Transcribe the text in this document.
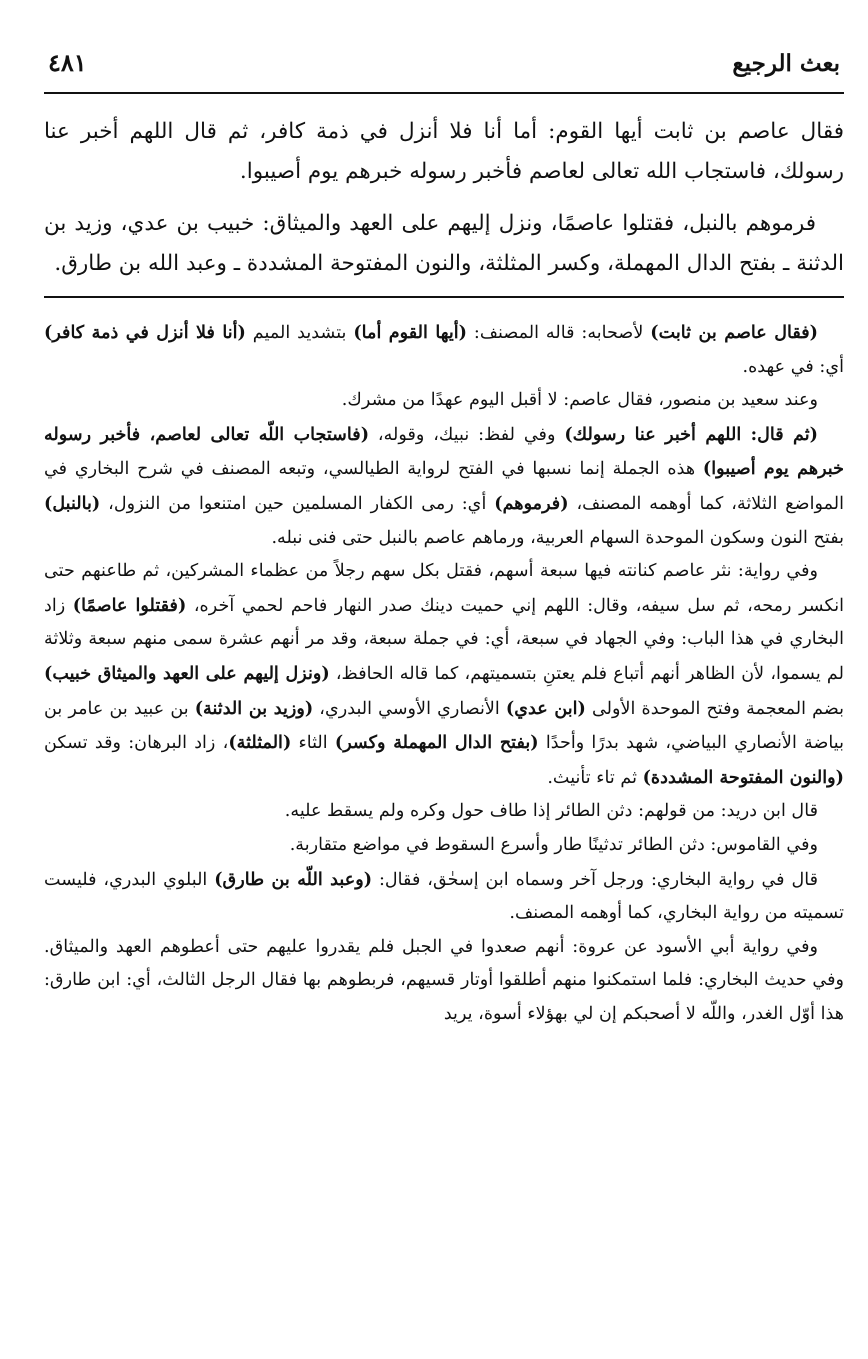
بعث الرجيع
٤٨١

فقال عاصم بن ثابت أيها القوم: أما أنا فلا أنزل في ذمة كافر، ثم قال اللهم أخبر عنا رسولك، فاستجاب الله تعالى لعاصم فأخبر رسوله خبرهم يوم أصيبوا.

فرموهم بالنبل، فقتلوا عاصمًا، ونزل إليهم على العهد والميثاق: خبيب بن عدي، وزيد بن الدثنة ـ بفتح الدال المهملة، وكسر المثلثة، والنون المفتوحة المشددة ـ وعبد الله بن طارق.

(فقال عاصم بن ثابت) لأصحابه: قاله المصنف: (أيها القوم أما) بتشديد الميم (أنا فلا أنزل في ذمة كافر) أي: في عهده.

وعند سعيد بن منصور، فقال عاصم: لا أقبل اليوم عهدًا من مشرك.

(ثم قال: اللهم أخبر عنا رسولك) وفي لفظ: نبيك، وقوله، (فاستجاب اللّه تعالى لعاصم، فأخبر رسوله خبرهم يوم أصيبوا) هذه الجملة إنما نسبها في الفتح لرواية الطيالسي، وتبعه المصنف في شرح البخاري في المواضع الثلاثة، كما أوهمه المصنف، (فرموهم) أي: رمى الكفار المسلمين حين امتنعوا من النزول، (بالنبل) بفتح النون وسكون الموحدة السهام العربية، ورماهم عاصم بالنبل حتى فنى نبله.

وفي رواية: نثر عاصم كنانته فيها سبعة أسهم، فقتل بكل سهم رجلاً من عظماء المشركين، ثم طاعنهم حتى انكسر رمحه، ثم سل سيفه، وقال: اللهم إني حميت دينك صدر النهار فاحم لحمي آخره، (فقتلوا عاصمًا) زاد البخاري في هذا الباب: وفي الجهاد في سبعة، أي: في جملة سبعة، وقد مر أنهم عشرة سمى منهم سبعة وثلاثة لم يسموا، لأن الظاهر أنهم أتباع فلم يعتنِ بتسميتهم، كما قاله الحافظ، (ونزل إليهم على العهد والميثاق خبيب) بضم المعجمة وفتح الموحدة الأولى (ابن عدي) الأنصاري الأوسي البدري، (وزيد بن الدثنة) بن عبيد بن عامر بن بياضة الأنصاري البياضي، شهد بدرًا وأحدًا (بفتح الدال المهملة وكسر) الثاء (المثلثة)، زاد البرهان: وقد تسكن (والنون المفتوحة المشددة) ثم تاء تأنيث.

قال ابن دريد: من قولهم: دثن الطائر إذا طاف حول وكره ولم يسقط عليه.

وفي القاموس: دثن الطائر تدثينًا طار وأسرع السقوط في مواضع متقاربة.

قال في رواية البخاري: ورجل آخر وسماه ابن إسحٰق، فقال: (وعبد اللّه بن طارق) البلوي البدري، فليست تسميته من رواية البخاري، كما أوهمه المصنف.

وفي رواية أبي الأسود عن عروة: أنهم صعدوا في الجبل فلم يقدروا عليهم حتى أعطوهم العهد والميثاق. وفي حديث البخاري: فلما استمكنوا منهم أطلقوا أوتار قسيهم، فربطوهم بها فقال الرجل الثالث، أي: ابن طارق: هذا أوّل الغدر، واللّه لا أصحبكم إن لي بهؤلاء أسوة، يريد
